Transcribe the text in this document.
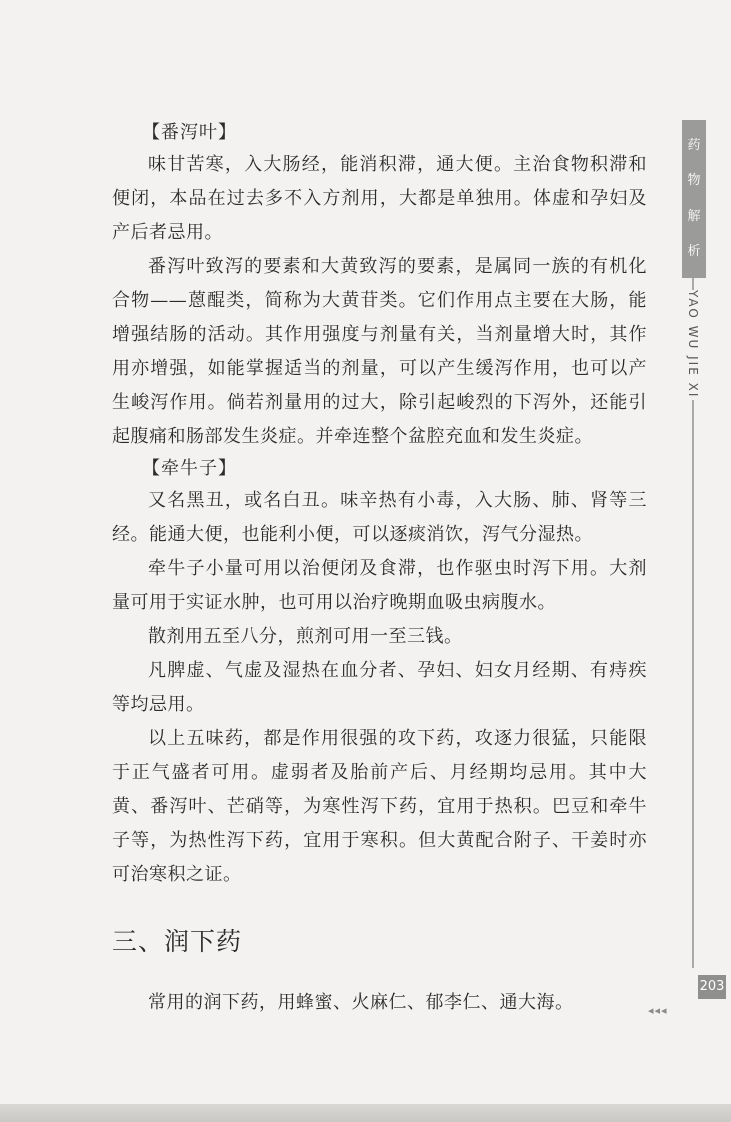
【番泻叶】

味甘苦寒，入大肠经，能消积滞，通大便。主治食物积滞和便闭，本品在过去多不入方剂用，大都是单独用。体虚和孕妇及产后者忌用。

番泻叶致泻的要素和大黄致泻的要素，是属同一族的有机化合物——蒽醌类，简称为大黄苷类。它们作用点主要在大肠，能增强结肠的活动。其作用强度与剂量有关，当剂量增大时，其作用亦增强，如能掌握适当的剂量，可以产生缓泻作用，也可以产生峻泻作用。倘若剂量用的过大，除引起峻烈的下泻外，还能引起腹痛和肠部发生炎症。并牵连整个盆腔充血和发生炎症。

【牵牛子】

又名黑丑，或名白丑。味辛热有小毒，入大肠、肺、肾等三经。能通大便，也能利小便，可以逐痰消饮，泻气分湿热。

牵牛子小量可用以治便闭及食滞，也作驱虫时泻下用。大剂量可用于实证水肿，也可用以治疗晚期血吸虫病腹水。

散剂用五至八分，煎剂可用一至三钱。

凡脾虚、气虚及湿热在血分者、孕妇、妇女月经期、有痔疾等均忌用。

以上五味药，都是作用很强的攻下药，攻逐力很猛，只能限于正气盛者可用。虚弱者及胎前产后、月经期均忌用。其中大黄、番泻叶、芒硝等，为寒性泻下药，宜用于热积。巴豆和牵牛子等，为热性泻下药，宜用于寒积。但大黄配合附子、干姜时亦可治寒积之证。

三、润下药

常用的润下药，用蜂蜜、火麻仁、郁李仁、通大海。

药
物
解
析
YAO WU JIE XI
203
◂◂◂
